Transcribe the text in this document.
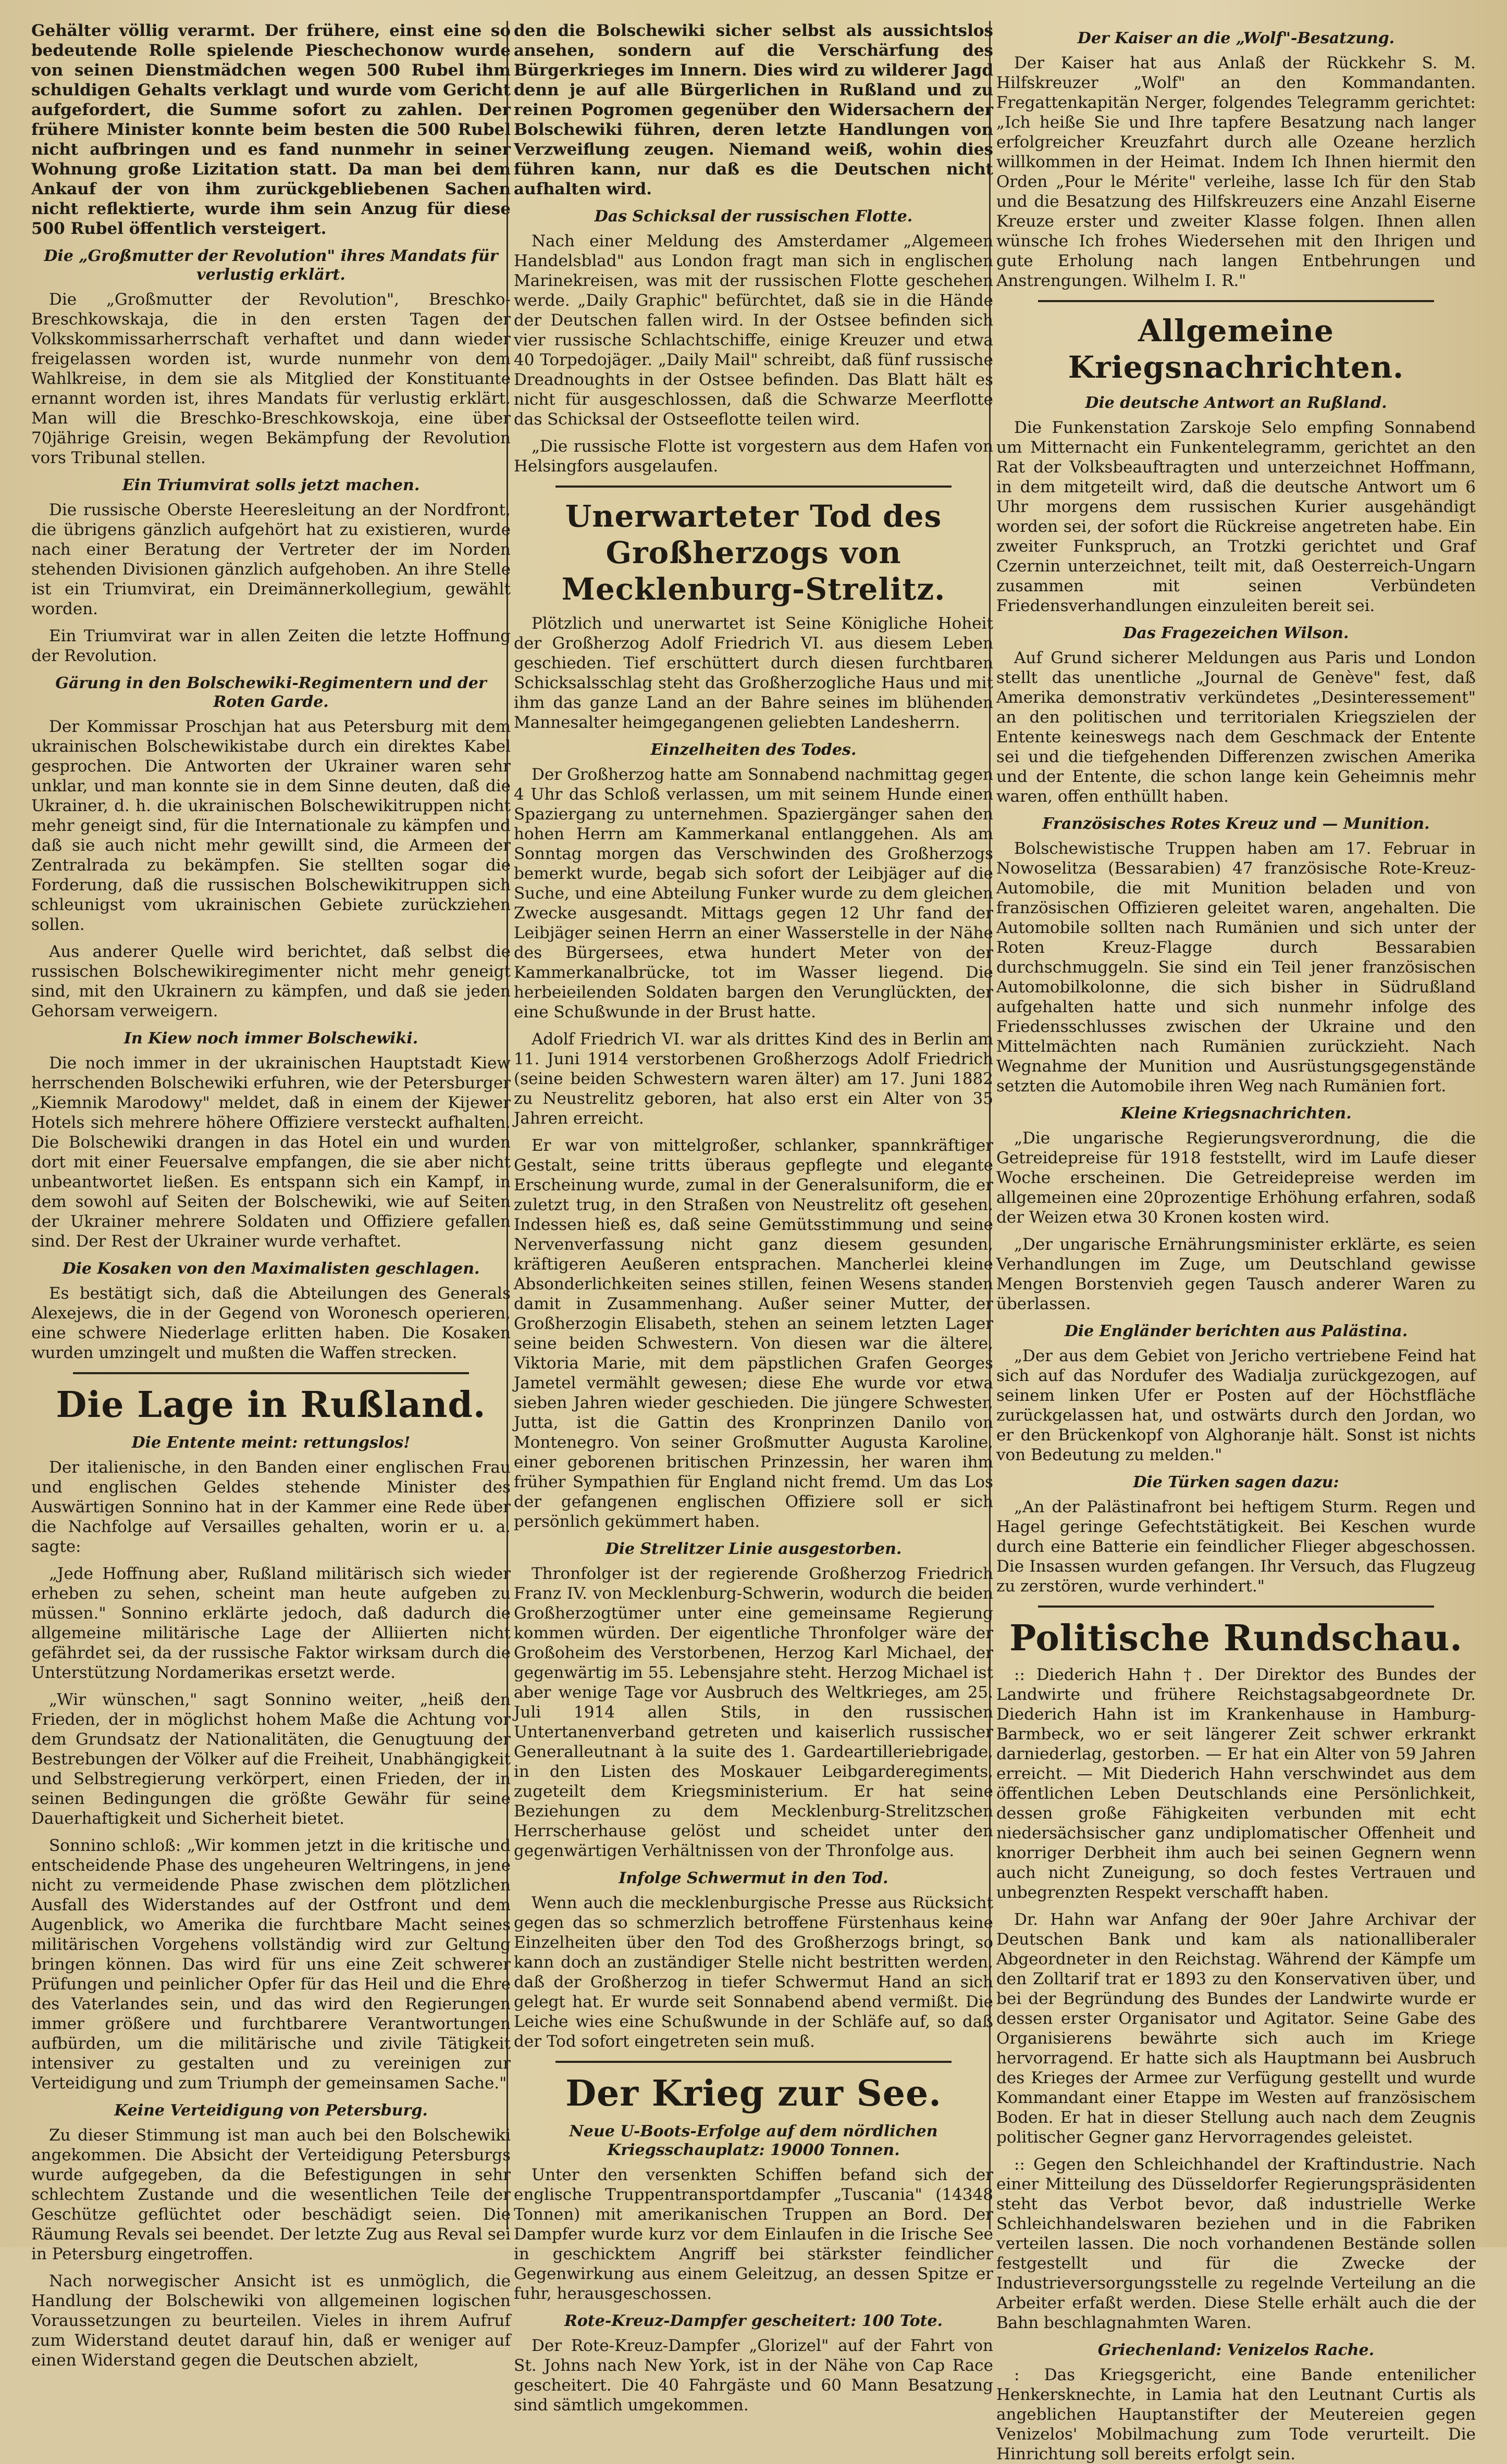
Gehälter völlig verarmt. Der frühere, einst eine so bedeutende Rolle spielende Pieschechonow wurde von seinen Dienstmädchen wegen 500 Rubel ihm schuldigen Gehalts verklagt und wurde vom Gericht aufgefordert, die Summe sofort zu zahlen. Der frühere Minister konnte beim besten die 500 Rubel nicht aufbringen und es fand nunmehr in seiner Wohnung große Lizitation statt. Da man bei dem Ankauf der von ihm zurückgebliebenen Sachen nicht reflektierte, wurde ihm sein Anzug für diese 500 Rubel öffentlich versteigert.

Die „Großmutter der Revolution" ihres Mandats für verlustig erklärt.

Die „Großmutter der Revolution", Breschko-Breschkowskaja, die in den ersten Tagen der Volkskommissarherrschaft verhaftet und dann wieder freigelassen worden ist, wurde nunmehr von dem Wahlkreise, in dem sie als Mitglied der Konstituante ernannt worden ist, ihres Mandats für verlustig erklärt. Man will die Breschko-Breschkowskoja, eine über 70jährige Greisin, wegen Bekämpfung der Revolution vors Tribunal stellen.

Ein Triumvirat solls jetzt machen.

Die russische Oberste Heeresleitung an der Nordfront, die übrigens gänzlich aufgehört hat zu existieren, wurde nach einer Beratung der Vertreter der im Norden stehenden Divisionen gänzlich aufgehoben. An ihre Stelle ist ein Triumvirat, ein Dreimännerkollegium, gewählt worden.

Ein Triumvirat war in allen Zeiten die letzte Hoffnung der Revolution.

Gärung in den Bolschewiki-Regimentern und der Roten Garde.

Der Kommissar Proschjan hat aus Petersburg mit dem ukrainischen Bolschewikistabe durch ein direktes Kabel gesprochen. Die Antworten der Ukrainer waren sehr unklar, und man konnte sie in dem Sinne deuten, daß die Ukrainer, d. h. die ukrainischen Bolschewikitruppen nicht mehr geneigt sind, für die Internationale zu kämpfen und daß sie auch nicht mehr gewillt sind, die Armeen der Zentralrada zu bekämpfen. Sie stellten sogar die Forderung, daß die russischen Bolschewikitruppen sich schleunigst vom ukrainischen Gebiete zurückziehen sollen.

Aus anderer Quelle wird berichtet, daß selbst die russischen Bolschewikiregimenter nicht mehr geneigt sind, mit den Ukrainern zu kämpfen, und daß sie jeden Gehorsam verweigern.

In Kiew noch immer Bolschewiki.

Die noch immer in der ukrainischen Hauptstadt Kiew herrschenden Bolschewiki erfuhren, wie der Petersburger „Kiemnik Marodowy" meldet, daß in einem der Kijewer Hotels sich mehrere höhere Offiziere versteckt aufhalten. Die Bolschewiki drangen in das Hotel ein und wurden dort mit einer Feuersalve empfangen, die sie aber nicht unbeantwortet ließen. Es entspann sich ein Kampf, in dem sowohl auf Seiten der Bolschewiki, wie auf Seiten der Ukrainer mehrere Soldaten und Offiziere gefallen sind. Der Rest der Ukrainer wurde verhaftet.

Die Kosaken von den Maximalisten geschlagen.

Es bestätigt sich, daß die Abteilungen des Generals Alexejews, die in der Gegend von Woronesch operieren, eine schwere Niederlage erlitten haben. Die Kosaken wurden umzingelt und mußten die Waffen strecken.

Die Lage in Rußland.
Die Entente meint: rettungslos!

Der italienische, in den Banden einer englischen Frau und englischen Geldes stehende Minister des Auswärtigen Sonnino hat in der Kammer eine Rede über die Nachfolge auf Versailles gehalten, worin er u. a. sagte:

„Jede Hoffnung aber, Rußland militärisch sich wieder erheben zu sehen, scheint man heute aufgeben zu müssen." Sonnino erklärte jedoch, daß dadurch die allgemeine militärische Lage der Alliierten nicht gefährdet sei, da der russische Faktor wirksam durch die Unterstützung Nordamerikas ersetzt werde.

„Wir wünschen," sagt Sonnino weiter, „heiß den Frieden, der in möglichst hohem Maße die Achtung vor dem Grundsatz der Nationalitäten, die Genugtuung der Bestrebungen der Völker auf die Freiheit, Unabhängigkeit und Selbstregierung verkörpert, einen Frieden, der in seinen Bedingungen die größte Gewähr für seine Dauerhaftigkeit und Sicherheit bietet.

Sonnino schloß: „Wir kommen jetzt in die kritische und entscheidende Phase des ungeheuren Weltringens, in jene nicht zu vermeidende Phase zwischen dem plötzlichen Ausfall des Widerstandes auf der Ostfront und dem Augenblick, wo Amerika die furchtbare Macht seines militärischen Vorgehens vollständig wird zur Geltung bringen können. Das wird für uns eine Zeit schwerer Prüfungen und peinlicher Opfer für das Heil und die Ehre des Vaterlandes sein, und das wird den Regierungen immer größere und furchtbarere Verantwortungen aufbürden, um die militärische und zivile Tätigkeit intensiver zu gestalten und zu vereinigen zur Verteidigung und zum Triumph der gemeinsamen Sache."

Keine Verteidigung von Petersburg.

Zu dieser Stimmung ist man auch bei den Bolschewiki angekommen. Die Absicht der Verteidigung Petersburgs wurde aufgegeben, da die Befestigungen in sehr schlechtem Zustande und die wesentlichen Teile der Geschütze geflüchtet oder beschädigt seien. Die Räumung Revals sei beendet. Der letzte Zug aus Reval sei in Petersburg eingetroffen.

Nach norwegischer Ansicht ist es unmöglich, die Handlung der Bolschewiki von allgemeinen logischen Voraussetzungen zu beurteilen. Vieles in ihrem Aufruf zum Widerstand deutet darauf hin, daß er weniger auf einen Widerstand gegen die Deutschen abzielt,

den die Bolschewiki sicher selbst als aussichtslos ansehen, sondern auf die Verschärfung des Bürgerkrieges im Innern. Dies wird zu wilderer Jagd denn je auf alle Bürgerlichen in Rußland und zu reinen Pogromen gegenüber den Widersachern der Bolschewiki führen, deren letzte Handlungen von Verzweiflung zeugen. Niemand weiß, wohin dies führen kann, nur daß es die Deutschen nicht aufhalten wird.

Das Schicksal der russischen Flotte.

Nach einer Meldung des Amsterdamer „Algemeen Handelsblad" aus London fragt man sich in englischen Marinekreisen, was mit der russischen Flotte geschehen werde. „Daily Graphic" befürchtet, daß sie in die Hände der Deutschen fallen wird. In der Ostsee befinden sich vier russische Schlachtschiffe, einige Kreuzer und etwa 40 Torpedojäger. „Daily Mail" schreibt, daß fünf russische Dreadnoughts in der Ostsee befinden. Das Blatt hält es nicht für ausgeschlossen, daß die Schwarze Meerflotte das Schicksal der Ostseeflotte teilen wird.

„Die russische Flotte ist vorgestern aus dem Hafen von Helsingfors ausgelaufen.

Unerwarteter Tod des Großherzogs von Mecklenburg-Strelitz.

Plötzlich und unerwartet ist Seine Königliche Hoheit der Großherzog Adolf Friedrich VI. aus diesem Leben geschieden. Tief erschüttert durch diesen furchtbaren Schicksalsschlag steht das Großherzogliche Haus und mit ihm das ganze Land an der Bahre seines im blühenden Mannesalter heimgegangenen geliebten Landesherrn.

Einzelheiten des Todes.

Der Großherzog hatte am Sonnabend nachmittag gegen 4 Uhr das Schloß verlassen, um mit seinem Hunde einen Spaziergang zu unternehmen. Spaziergänger sahen den hohen Herrn am Kammerkanal entlanggehen. Als am Sonntag morgen das Verschwinden des Großherzogs bemerkt wurde, begab sich sofort der Leibjäger auf die Suche, und eine Abteilung Funker wurde zu dem gleichen Zwecke ausgesandt. Mittags gegen 12 Uhr fand der Leibjäger seinen Herrn an einer Wasserstelle in der Nähe des Bürgersees, etwa hundert Meter von der Kammerkanalbrücke, tot im Wasser liegend. Die herbeieilenden Soldaten bargen den Verunglückten, der eine Schußwunde in der Brust hatte.

Adolf Friedrich VI. war als drittes Kind des in Berlin am 11. Juni 1914 verstorbenen Großherzogs Adolf Friedrich (seine beiden Schwestern waren älter) am 17. Juni 1882 zu Neustrelitz geboren, hat also erst ein Alter von 35 Jahren erreicht.

Er war von mittelgroßer, schlanker, spannkräftiger Gestalt, seine tritts überaus gepflegte und elegante Erscheinung wurde, zumal in der Generalsuniform, die er zuletzt trug, in den Straßen von Neustrelitz oft gesehen. Indessen hieß es, daß seine Gemütsstimmung und seine Nervenverfassung nicht ganz diesem gesunden, kräftigeren Aeußeren entsprachen. Mancherlei kleine Absonderlichkeiten seines stillen, feinen Wesens standen damit in Zusammenhang. Außer seiner Mutter, der Großherzogin Elisabeth, stehen an seinem letzten Lager seine beiden Schwestern. Von diesen war die ältere, Viktoria Marie, mit dem päpstlichen Grafen Georges Jametel vermählt gewesen; diese Ehe wurde vor etwa sieben Jahren wieder geschieden. Die jüngere Schwester, Jutta, ist die Gattin des Kronprinzen Danilo von Montenegro. Von seiner Großmutter Augusta Karoline, einer geborenen britischen Prinzessin, her waren ihm früher Sympathien für England nicht fremd. Um das Los der gefangenen englischen Offiziere soll er sich persönlich gekümmert haben.

Die Strelitzer Linie ausgestorben.

Thronfolger ist der regierende Großherzog Friedrich Franz IV. von Mecklenburg-Schwerin, wodurch die beiden Großherzogtümer unter eine gemeinsame Regierung kommen würden. Der eigentliche Thronfolger wäre der Großoheim des Verstorbenen, Herzog Karl Michael, der gegenwärtig im 55. Lebensjahre steht. Herzog Michael ist aber wenige Tage vor Ausbruch des Weltkrieges, am 25. Juli 1914 allen Stils, in den russischen Untertanenverband getreten und kaiserlich russischer Generalleutnant à la suite des 1. Gardeartilleriebrigade, in den Listen des Moskauer Leibgarderegiments, zugeteilt dem Kriegsministerium. Er hat seine Beziehungen zu dem Mecklenburg-Strelitzschen Herrscherhause gelöst und scheidet unter den gegenwärtigen Verhältnissen von der Thronfolge aus.

Infolge Schwermut in den Tod.

Wenn auch die mecklenburgische Presse aus Rücksicht gegen das so schmerzlich betroffene Fürstenhaus keine Einzelheiten über den Tod des Großherzogs bringt, so kann doch an zuständiger Stelle nicht bestritten werden, daß der Großherzog in tiefer Schwermut Hand an sich gelegt hat. Er wurde seit Sonnabend abend vermißt. Die Leiche wies eine Schußwunde in der Schläfe auf, so daß der Tod sofort eingetreten sein muß.

Der Krieg zur See.
Neue U-Boots-Erfolge auf dem nördlichen Kriegsschauplatz: 19000 Tonnen.

Unter den versenkten Schiffen befand sich der englische Truppentransportdampfer „Tuscania" (14348 Tonnen) mit amerikanischen Truppen an Bord. Der Dampfer wurde kurz vor dem Einlaufen in die Irische See in geschicktem Angriff bei stärkster feindlicher Gegenwirkung aus einem Geleitzug, an dessen Spitze er fuhr, herausgeschossen.

Rote-Kreuz-Dampfer gescheitert: 100 Tote.

Der Rote-Kreuz-Dampfer „Glorizel" auf der Fahrt von St. Johns nach New York, ist in der Nähe von Cap Race gescheitert. Die 40 Fahrgäste und 60 Mann Besatzung sind sämtlich umgekommen.

Der Kaiser an die „Wolf"-Besatzung.

Der Kaiser hat aus Anlaß der Rückkehr S. M. Hilfskreuzer „Wolf" an den Kommandanten. Fregattenkapitän Nerger, folgendes Telegramm gerichtet: „Ich heiße Sie und Ihre tapfere Besatzung nach langer erfolgreicher Kreuzfahrt durch alle Ozeane herzlich willkommen in der Heimat. Indem Ich Ihnen hiermit den Orden „Pour le Mérite" verleihe, lasse Ich für den Stab und die Besatzung des Hilfskreuzers eine Anzahl Eiserne Kreuze erster und zweiter Klasse folgen. Ihnen allen wünsche Ich frohes Wiedersehen mit den Ihrigen und gute Erholung nach langen Entbehrungen und Anstrengungen. Wilhelm I. R."

Allgemeine Kriegsnachrichten.
Die deutsche Antwort an Rußland.

Die Funkenstation Zarskoje Selo empfing Sonnabend um Mitternacht ein Funkentelegramm, gerichtet an den Rat der Volksbeauftragten und unterzeichnet Hoffmann, in dem mitgeteilt wird, daß die deutsche Antwort um 6 Uhr morgens dem russischen Kurier ausgehändigt worden sei, der sofort die Rückreise angetreten habe. Ein zweiter Funkspruch, an Trotzki gerichtet und Graf Czernin unterzeichnet, teilt mit, daß Oesterreich-Ungarn zusammen mit seinen Verbündeten Friedensverhandlungen einzuleiten bereit sei.

Das Fragezeichen Wilson.

Auf Grund sicherer Meldungen aus Paris und London stellt das unentliche „Journal de Genève" fest, daß Amerika demonstrativ verkündetes „Desinteressement" an den politischen und territorialen Kriegszielen der Entente keineswegs nach dem Geschmack der Entente sei und die tiefgehenden Differenzen zwischen Amerika und der Entente, die schon lange kein Geheimnis mehr waren, offen enthüllt haben.

Französisches Rotes Kreuz und — Munition.

Bolschewistische Truppen haben am 17. Februar in Nowoselitza (Bessarabien) 47 französische Rote-Kreuz-Automobile, die mit Munition beladen und von französischen Offizieren geleitet waren, angehalten. Die Automobile sollten nach Rumänien und sich unter der Roten Kreuz-Flagge durch Bessarabien durchschmuggeln. Sie sind ein Teil jener französischen Automobilkolonne, die sich bisher in Südrußland aufgehalten hatte und sich nunmehr infolge des Friedensschlusses zwischen der Ukraine und den Mittelmächten nach Rumänien zurückzieht. Nach Wegnahme der Munition und Ausrüstungsgegenstände setzten die Automobile ihren Weg nach Rumänien fort.

Kleine Kriegsnachrichten.

„Die ungarische Regierungsverordnung, die die Getreidepreise für 1918 feststellt, wird im Laufe dieser Woche erscheinen. Die Getreidepreise werden im allgemeinen eine 20prozentige Erhöhung erfahren, sodaß der Weizen etwa 30 Kronen kosten wird.

„Der ungarische Ernährungsminister erklärte, es seien Verhandlungen im Zuge, um Deutschland gewisse Mengen Borstenvieh gegen Tausch anderer Waren zu überlassen.

Die Engländer berichten aus Palästina.

„Der aus dem Gebiet von Jericho vertriebene Feind hat sich auf das Nordufer des Wadialja zurückgezogen, auf seinem linken Ufer er Posten auf der Höchstfläche zurückgelassen hat, und ostwärts durch den Jordan, wo er den Brückenkopf von Alghoranje hält. Sonst ist nichts von Bedeutung zu melden."

Die Türken sagen dazu:

„An der Palästinafront bei heftigem Sturm. Regen und Hagel geringe Gefechtstätigkeit. Bei Keschen wurde durch eine Batterie ein feindlicher Flieger abgeschossen. Die Insassen wurden gefangen. Ihr Versuch, das Flugzeug zu zerstören, wurde verhindert."

Politische Rundschau.

:: Diederich Hahn †. Der Direktor des Bundes der Landwirte und frühere Reichstagsabgeordnete Dr. Diederich Hahn ist im Krankenhause in Hamburg-Barmbeck, wo er seit längerer Zeit schwer erkrankt darniederlag, gestorben. — Er hat ein Alter von 59 Jahren erreicht. — Mit Diederich Hahn verschwindet aus dem öffentlichen Leben Deutschlands eine Persönlichkeit, dessen große Fähigkeiten verbunden mit echt niedersächsischer ganz undiplomatischer Offenheit und knorriger Derbheit ihm auch bei seinen Gegnern wenn auch nicht Zuneigung, so doch festes Vertrauen und unbegrenzten Respekt verschafft haben.

Dr. Hahn war Anfang der 90er Jahre Archivar der Deutschen Bank und kam als nationalliberaler Abgeordneter in den Reichstag. Während der Kämpfe um den Zolltarif trat er 1893 zu den Konservativen über, und bei der Begründung des Bundes der Landwirte wurde er dessen erster Organisator und Agitator. Seine Gabe des Organisierens bewährte sich auch im Kriege hervorragend. Er hatte sich als Hauptmann bei Ausbruch des Krieges der Armee zur Verfügung gestellt und wurde Kommandant einer Etappe im Westen auf französischem Boden. Er hat in dieser Stellung auch nach dem Zeugnis politischer Gegner ganz Hervorragendes geleistet.

:: Gegen den Schleichhandel der Kraftindustrie. Nach einer Mitteilung des Düsseldorfer Regierungspräsidenten steht das Verbot bevor, daß industrielle Werke Schleichhandelswaren beziehen und in die Fabriken verteilen lassen. Die noch vorhandenen Bestände sollen festgestellt und für die Zwecke der Industrieversorgungsstelle zu regelnde Verteilung an die Arbeiter erfaßt werden. Diese Stelle erhält auch die der Bahn beschlagnahmten Waren.

Griechenland: Venizelos Rache.

: Das Kriegsgericht, eine Bande entenilicher Henkersknechte, in Lamia hat den Leutnant Curtis als angeblichen Hauptanstifter der Meutereien gegen Venizelos' Mobilmachung zum Tode verurteilt. Die Hinrichtung soll bereits erfolgt sein.
